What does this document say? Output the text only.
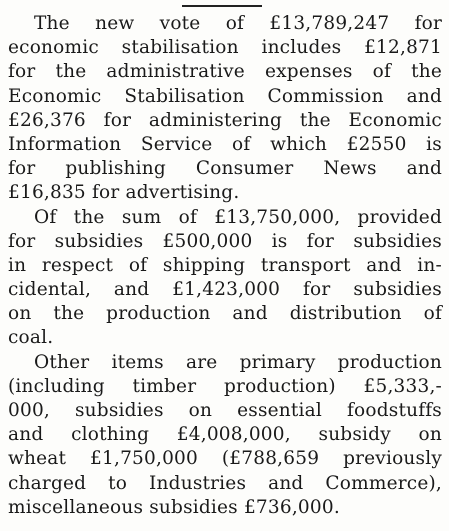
The new vote of £13,789,247 for
economic stabilisation includes £12,871
for the administrative expenses of the
Economic Stabilisation Commission and
£26,376 for administering the Economic
Information Service of which £2550 is
for publishing Consumer News and
£16,835 for advertising.
Of the sum of £13,750,000, provided
for subsidies £500,000 is for subsidies
in respect of shipping transport and in-
cidental, and £1,423,000 for subsidies
on the production and distribution of
coal.
Other items are primary production
(including timber production) £5,333,-
000, subsidies on essential foodstuffs
and clothing £4,008,000, subsidy on
wheat £1,750,000 (£788,659 previously
charged to Industries and Commerce),
miscellaneous subsidies £736,000.
